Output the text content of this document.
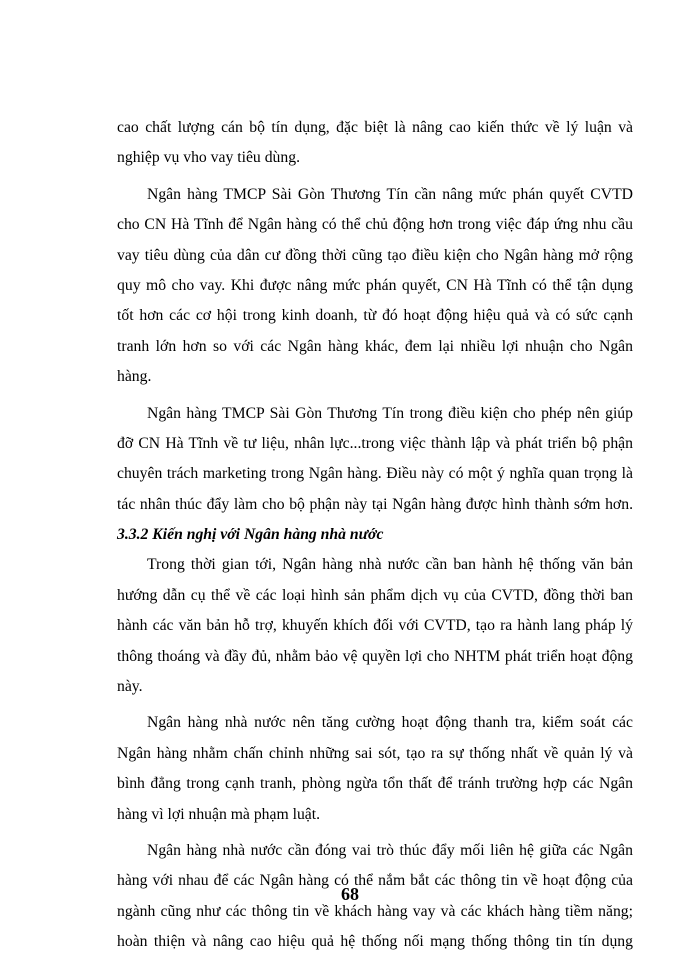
cao chất lượng cán bộ tín dụng, đặc biệt là nâng cao kiến thức về lý luận và
nghiệp vụ vho vay tiêu dùng.
Ngân hàng TMCP Sài Gòn Thương Tín cần nâng mức phán quyết CVTD
cho CN Hà Tĩnh để Ngân hàng có thể chủ động hơn trong việc đáp ứng nhu cầu
vay tiêu dùng của dân cư đồng thời cũng tạo điều kiện cho Ngân hàng mở rộng
quy mô cho vay. Khi được nâng mức phán quyết, CN Hà Tĩnh có thể tận dụng
tốt hơn các cơ hội trong kinh doanh, từ đó hoạt động hiệu quả và có sức cạnh
tranh lớn hơn so với các Ngân hàng khác, đem lại nhiều lợi nhuận cho Ngân
hàng.
Ngân hàng TMCP Sài Gòn Thương Tín trong điều kiện cho phép nên giúp
đỡ CN Hà Tĩnh về tư liệu, nhân lực...trong việc thành lập và phát triển bộ phận
chuyên trách marketing trong Ngân hàng. Điều này có một ý nghĩa quan trọng là
tác nhân thúc đẩy làm cho bộ phận này tại Ngân hàng được hình thành sớm hơn.
3.3.2 Kiến nghị với Ngân hàng nhà nước
Trong thời gian tới, Ngân hàng nhà nước cần ban hành hệ thống văn bản
hướng dẫn cụ thể về các loại hình sản phẩm dịch vụ của CVTD, đồng thời ban
hành các văn bản hỗ trợ, khuyến khích đối với CVTD, tạo ra hành lang pháp lý
thông thoáng và đầy đủ, nhằm bảo vệ quyền lợi cho NHTM phát triển hoạt động
này.
Ngân hàng nhà nước nên tăng cường hoạt động thanh tra, kiểm soát các
Ngân hàng nhằm chấn chỉnh những sai sót, tạo ra sự thống nhất về quản lý và
bình đẳng trong cạnh tranh, phòng ngừa tổn thất để tránh trường hợp các Ngân
hàng vì lợi nhuận mà phạm luật.
Ngân hàng nhà nước cần đóng vai trò thúc đẩy mối liên hệ giữa các Ngân
hàng với nhau để các Ngân hàng có thể nắm bắt các thông tin về hoạt động của
ngành cũng như các thông tin về khách hàng vay và các khách hàng tiềm năng;
hoàn thiện và nâng cao hiệu quả hệ thống nối mạng thống thông tin tín dụng
68
